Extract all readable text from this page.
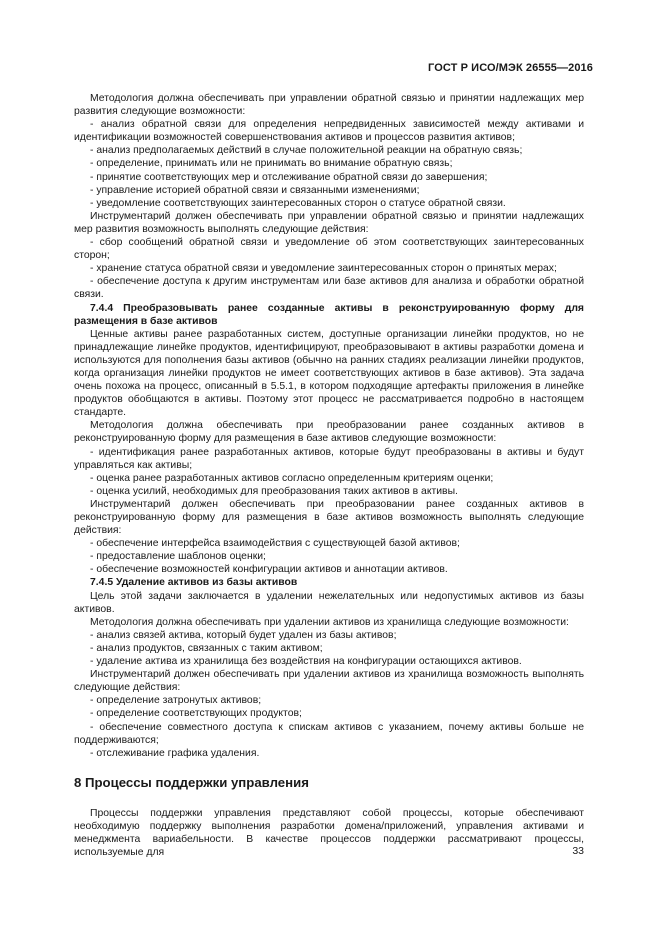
ГОСТ Р ИСО/МЭК 26555—2016

Методология должна обеспечивать при управлении обратной связью и принятии надлежащих мер развития следующие возможности:

- анализ обратной связи для определения непредвиденных зависимостей между активами и идентификации возможностей совершенствования активов и процессов развития активов;

- анализ предполагаемых действий в случае положительной реакции на обратную связь;

- определение, принимать или не принимать во внимание обратную связь;

- принятие соответствующих мер и отслеживание обратной связи до завершения;

- управление историей обратной связи и связанными изменениями;

- уведомление соответствующих заинтересованных сторон о статусе обратной связи.

Инструментарий должен обеспечивать при управлении обратной связью и принятии надлежащих мер развития возможность выполнять следующие действия:

- сбор сообщений обратной связи и уведомление об этом соответствующих заинтересованных сторон;

- хранение статуса обратной связи и уведомление заинтересованных сторон о принятых мерах;

- обеспечение доступа к другим инструментам или базе активов для анализа и обработки обратной связи.

7.4.4 Преобразовывать ранее созданные активы в реконструированную форму для размещения в базе активов

Ценные активы ранее разработанных систем, доступные организации линейки продуктов, но не принадлежащие линейке продуктов, идентифицируют, преобразовывают в активы разработки домена и используются для пополнения базы активов (обычно на ранних стадиях реализации линейки продуктов, когда организация линейки продуктов не имеет соответствующих активов в базе активов). Эта задача очень похожа на процесс, описанный в 5.5.1, в котором подходящие артефакты приложения в линейке продуктов обобщаются в активы. Поэтому этот процесс не рассматривается подробно в настоящем стандарте.

Методология должна обеспечивать при преобразовании ранее созданных активов в реконструированную форму для размещения в базе активов следующие возможности:

- идентификация ранее разработанных активов, которые будут преобразованы в активы и будут управляться как активы;

- оценка ранее разработанных активов согласно определенным критериям оценки;

- оценка усилий, необходимых для преобразования таких активов в активы.

Инструментарий должен обеспечивать при преобразовании ранее созданных активов в реконструированную форму для размещения в базе активов возможность выполнять следующие действия:

- обеспечение интерфейса взаимодействия с существующей базой активов;

- предоставление шаблонов оценки;

- обеспечение возможностей конфигурации активов и аннотации активов.

7.4.5 Удаление активов из базы активов

Цель этой задачи заключается в удалении нежелательных или недопустимых активов из базы активов.

Методология должна обеспечивать при удалении активов из хранилища следующие возможности:

- анализ связей актива, который будет удален из базы активов;

- анализ продуктов, связанных с таким активом;

- удаление актива из хранилища без воздействия на конфигурации остающихся активов.

Инструментарий должен обеспечивать при удалении активов из хранилища возможность выполнять следующие действия:

- определение затронутых активов;

- определение соответствующих продуктов;

- обеспечение совместного доступа к спискам активов с указанием, почему активы больше не поддерживаются;

- отслеживание графика удаления.

8 Процессы поддержки управления

Процессы поддержки управления представляют собой процессы, которые обеспечивают необходимую поддержку выполнения разработки домена/приложений, управления активами и менеджмента вариабельности. В качестве процессов поддержки рассматривают процессы, используемые для	33
